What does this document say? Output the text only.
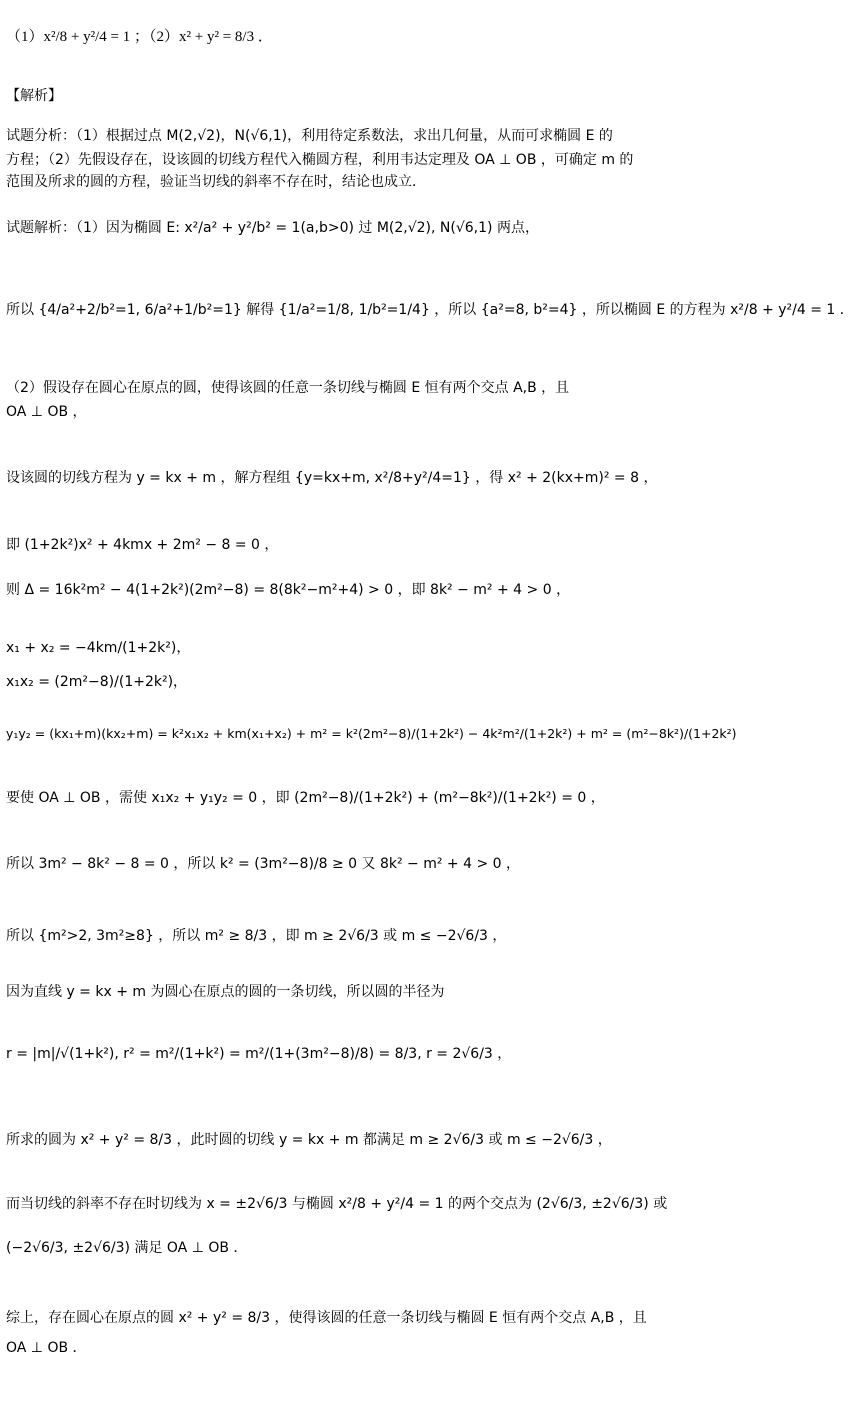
（1）x²/8 + y²/4 = 1 ；（2）x² + y² = 8/3 ．
【解析】
试题分析：（1）根据过点 M(2,√2)，N(√6,1)，利用待定系数法，求出几何量，从而可求椭圆 E 的
方程；（2）先假设存在，设该圆的切线方程代入椭圆方程，利用韦达定理及 OA ⊥ OB ，可确定 m 的
范围及所求的圆的方程，验证当切线的斜率不存在时，结论也成立．
试题解析：（1）因为椭圆 E: x²/a² + y²/b² = 1(a,b>0) 过 M(2,√2), N(√6,1) 两点，
所以 {4/a²+2/b²=1, 6/a²+1/b²=1} 解得 {1/a²=1/8, 1/b²=1/4} ，所以 {a²=8, b²=4} ，所以椭圆 E 的方程为 x²/8 + y²/4 = 1 ．
（2）假设存在圆心在原点的圆，使得该圆的任意一条切线与椭圆 E 恒有两个交点 A,B ，且
OA ⊥ OB ，
设该圆的切线方程为 y = kx + m ，解方程组 {y=kx+m, x²/8+y²/4=1} ，得 x² + 2(kx+m)² = 8 ，
即 (1+2k²)x² + 4kmx + 2m² − 8 = 0 ，
则 Δ = 16k²m² − 4(1+2k²)(2m²−8) = 8(8k²−m²+4) > 0 ，即 8k² − m² + 4 > 0 ，
x₁ + x₂ = −4km/(1+2k²)，
x₁x₂ = (2m²−8)/(1+2k²)，
y₁y₂ = (kx₁+m)(kx₂+m) = k²x₁x₂ + km(x₁+x₂) + m² = k²(2m²−8)/(1+2k²) − 4k²m²/(1+2k²) + m² = (m²−8k²)/(1+2k²)
要使 OA ⊥ OB ，需使 x₁x₂ + y₁y₂ = 0 ，即 (2m²−8)/(1+2k²) + (m²−8k²)/(1+2k²) = 0 ，
所以 3m² − 8k² − 8 = 0 ，所以 k² = (3m²−8)/8 ≥ 0 又 8k² − m² + 4 > 0 ，
所以 {m²>2, 3m²≥8} ，所以 m² ≥ 8/3 ，即 m ≥ 2√6/3 或 m ≤ −2√6/3 ，
因为直线 y = kx + m 为圆心在原点的圆的一条切线，所以圆的半径为
r = |m|/√(1+k²), r² = m²/(1+k²) = m²/(1+(3m²−8)/8) = 8/3, r = 2√6/3 ，
所求的圆为 x² + y² = 8/3 ，此时圆的切线 y = kx + m 都满足 m ≥ 2√6/3 或 m ≤ −2√6/3 ，
而当切线的斜率不存在时切线为 x = ±2√6/3 与椭圆 x²/8 + y²/4 = 1 的两个交点为 (2√6/3, ±2√6/3) 或
(−2√6/3, ±2√6/3) 满足 OA ⊥ OB ．
综上，存在圆心在原点的圆 x² + y² = 8/3 ，使得该圆的任意一条切线与椭圆 E 恒有两个交点 A,B ，且
OA ⊥ OB ．
